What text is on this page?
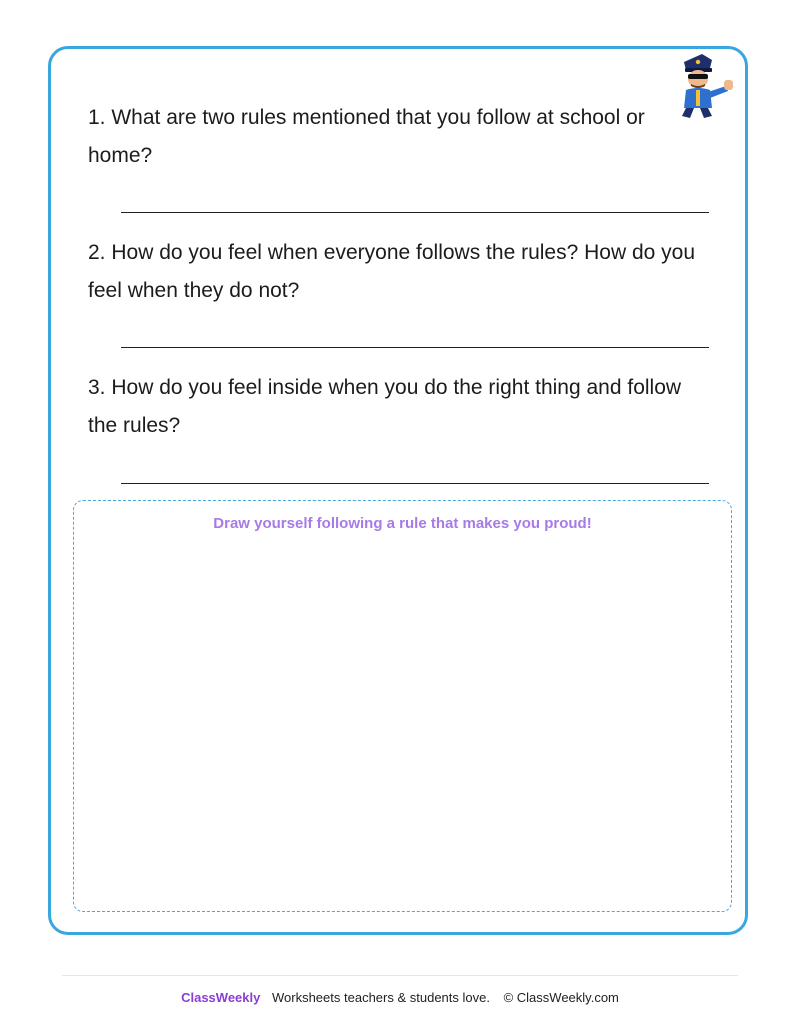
1. What are two rules mentioned that you follow at school or home?

2. How do you feel when everyone follows the rules? How do you feel when they do not?

3. How do you feel inside when you do the right thing and follow the rules?

Draw yourself following a rule that makes you proud!
ClassWeekly Worksheets teachers & students love. © ClassWeekly.com
